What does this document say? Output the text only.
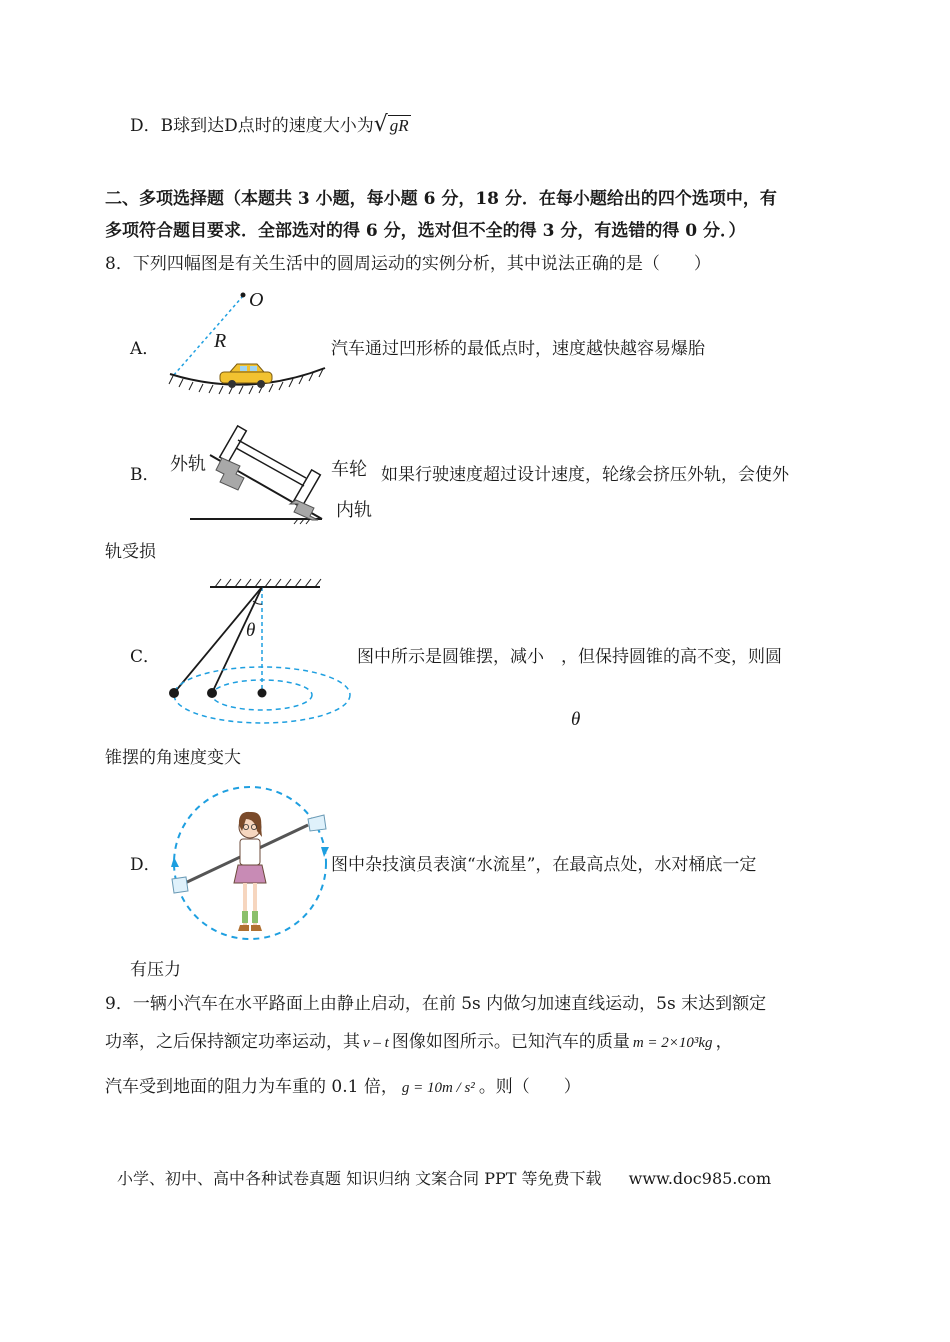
D．B球到达D点时的速度大小为√ gR
二、多项选择题（本题共 3 小题，每小题 6 分，18 分．在每小题给出的四个选项中，有
多项符合题目要求．全部选对的得 6 分，选对但不全的得 3 分，有选错的得 0 分．）
8．下列四幅图是有关生活中的圆周运动的实例分析，其中说法正确的是（　　）
A．
O
R	汽车通过凹形桥的最低点时，速度越快越容易爆胎
B． 外轨	车轮
内轨
如果行驶速度超过设计速度，轮缘会挤压外轨，会使外
轨受损
C．
θ
图中所示是圆锥摆，减小　，但保持圆锥的高不变，则圆
θ
锥摆的角速度变大
D．	图中杂技演员表演“水流星”，在最高点处，水对桶底一定
有压力
9．一辆小汽车在水平路面上由静止启动，在前 5s 内做匀加速直线运动，5s 末达到额定
功率，之后保持额定功率运动，其 v – t 图像如图所示。已知汽车的质量 m = 2×10³kg ，
汽车受到地面的阻力为车重的 0.1 倍， g = 10m / s² 。则（　　）
小学、初中、高中各种试卷真题 知识归纳 文案合同 PPT 等免费下载 www.doc985.com
